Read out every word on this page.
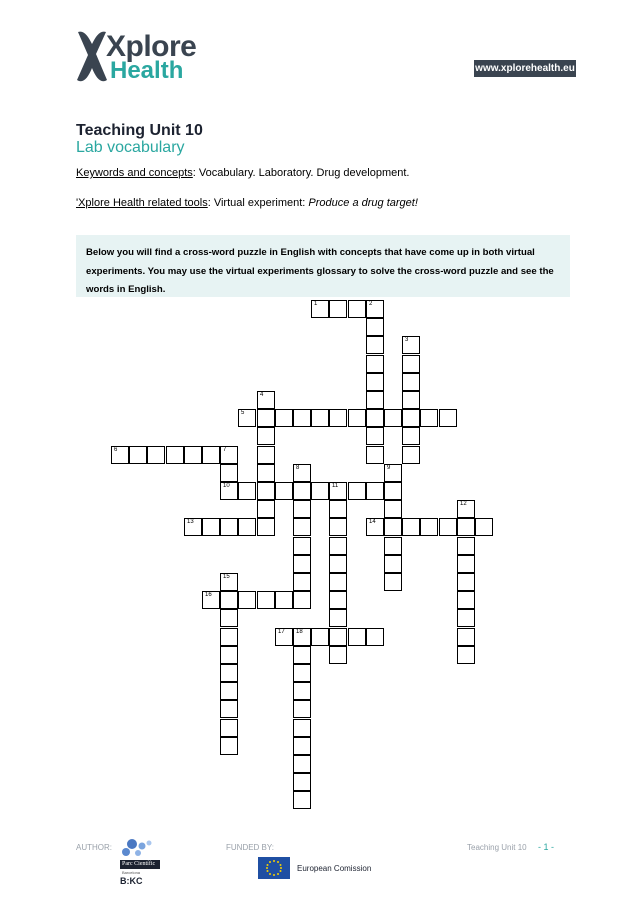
Xplore
Health	www.xplorehealth.eu
Teaching Unit 10
Lab vocabulary
Keywords and concepts: Vocabulary. Laboratory. Drug development.
'Xplore Health related tools: Virtual experiment: Produce a drug target!

Below you will find a cross-word puzzle in English with concepts that have come up in both virtual experiments. You may use the virtual experiments glossary to solve the cross-word puzzle and see the words in English.

1	2
3
4
5
6	7
10
8	9
11
12
13	14
15
16
17 18
AUTHOR:
Parc Científic
Barcelona
B:KC
FUNDED BY:
European Comission
Teaching Unit 10 - 1 -
